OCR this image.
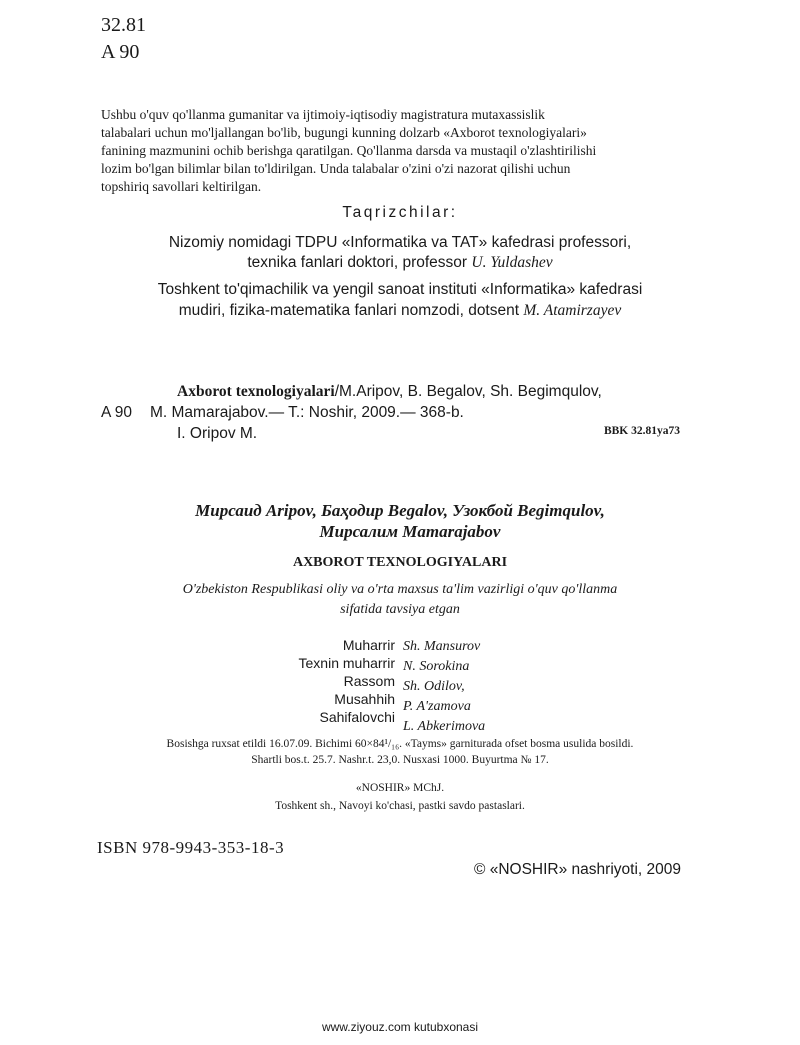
32.81
A 90

Ushbu o'quv qo'llanma gumanitar va ijtimoiy-iqtisodiy magistratura mutaxassislik

talabalari uchun mo'ljallangan bo'lib, bugungi kunning dolzarb «Axborot texnologiyalari»

fanining mazmunini ochib berishga qaratilgan. Qo'llanma darsda va mustaqil o'zlashtirilishi

lozim bo'lgan bilimlar bilan to'ldirilgan. Unda talabalar o'zini o'zi nazorat qilishi uchun

topshiriq savollari keltirilgan.

Taqrizchilar:
Nizomiy nomidagi TDPU «Informatika va TAT» kafedrasi professori,
texnika fanlari doktori, professor U. Yuldashev
Toshkent to'qimachilik va yengil sanoat instituti «Informatika» kafedrasi
mudiri, fizika-matematika fanlari nomzodi, dotsent M. Atamirzayev
Axborot texnologiyalari/M.Aripov, B. Begalov, Sh. Begimqulov,
A 90 M. Mamarajabov.— T.: Noshir, 2009.— 368-b.
I. Oripov M.	BBK 32.81ya73
Мирсаид Aripov, Баҳодир Begalov, Узокбой Begimqulov,
Мирсалим Mamarajabov
AXBOROT TEXNOLOGIYALARI
O'zbekiston Respublikasi oliy va o'rta maxsus ta'lim vazirligi o'quv qo'llanma
sifatida tavsiya etgan
Muharrir
Texnin muharrir
Rassom
Musahhih
Sahifalovchi
Sh. Mansurov
N. Sorokina
Sh. Odilov,
P. A'zamova
L. Abkerimova
Bosishga ruxsat etildi 16.07.09. Bichimi 60×84¹/₁₆. «Tayms» garniturada ofset bosma usulida bosildi.
Shartli bos.t. 25.7. Nashr.t. 23,0. Nusxasi 1000. Buyurtma № 17.
«NOSHIR» MChJ.
Toshkent sh., Navoyi ko'chasi, pastki savdo pastaslari.
ISBN 978-9943-353-18-3
© «NOSHIR» nashriyoti, 2009
www.ziyouz.com kutubxonasi
